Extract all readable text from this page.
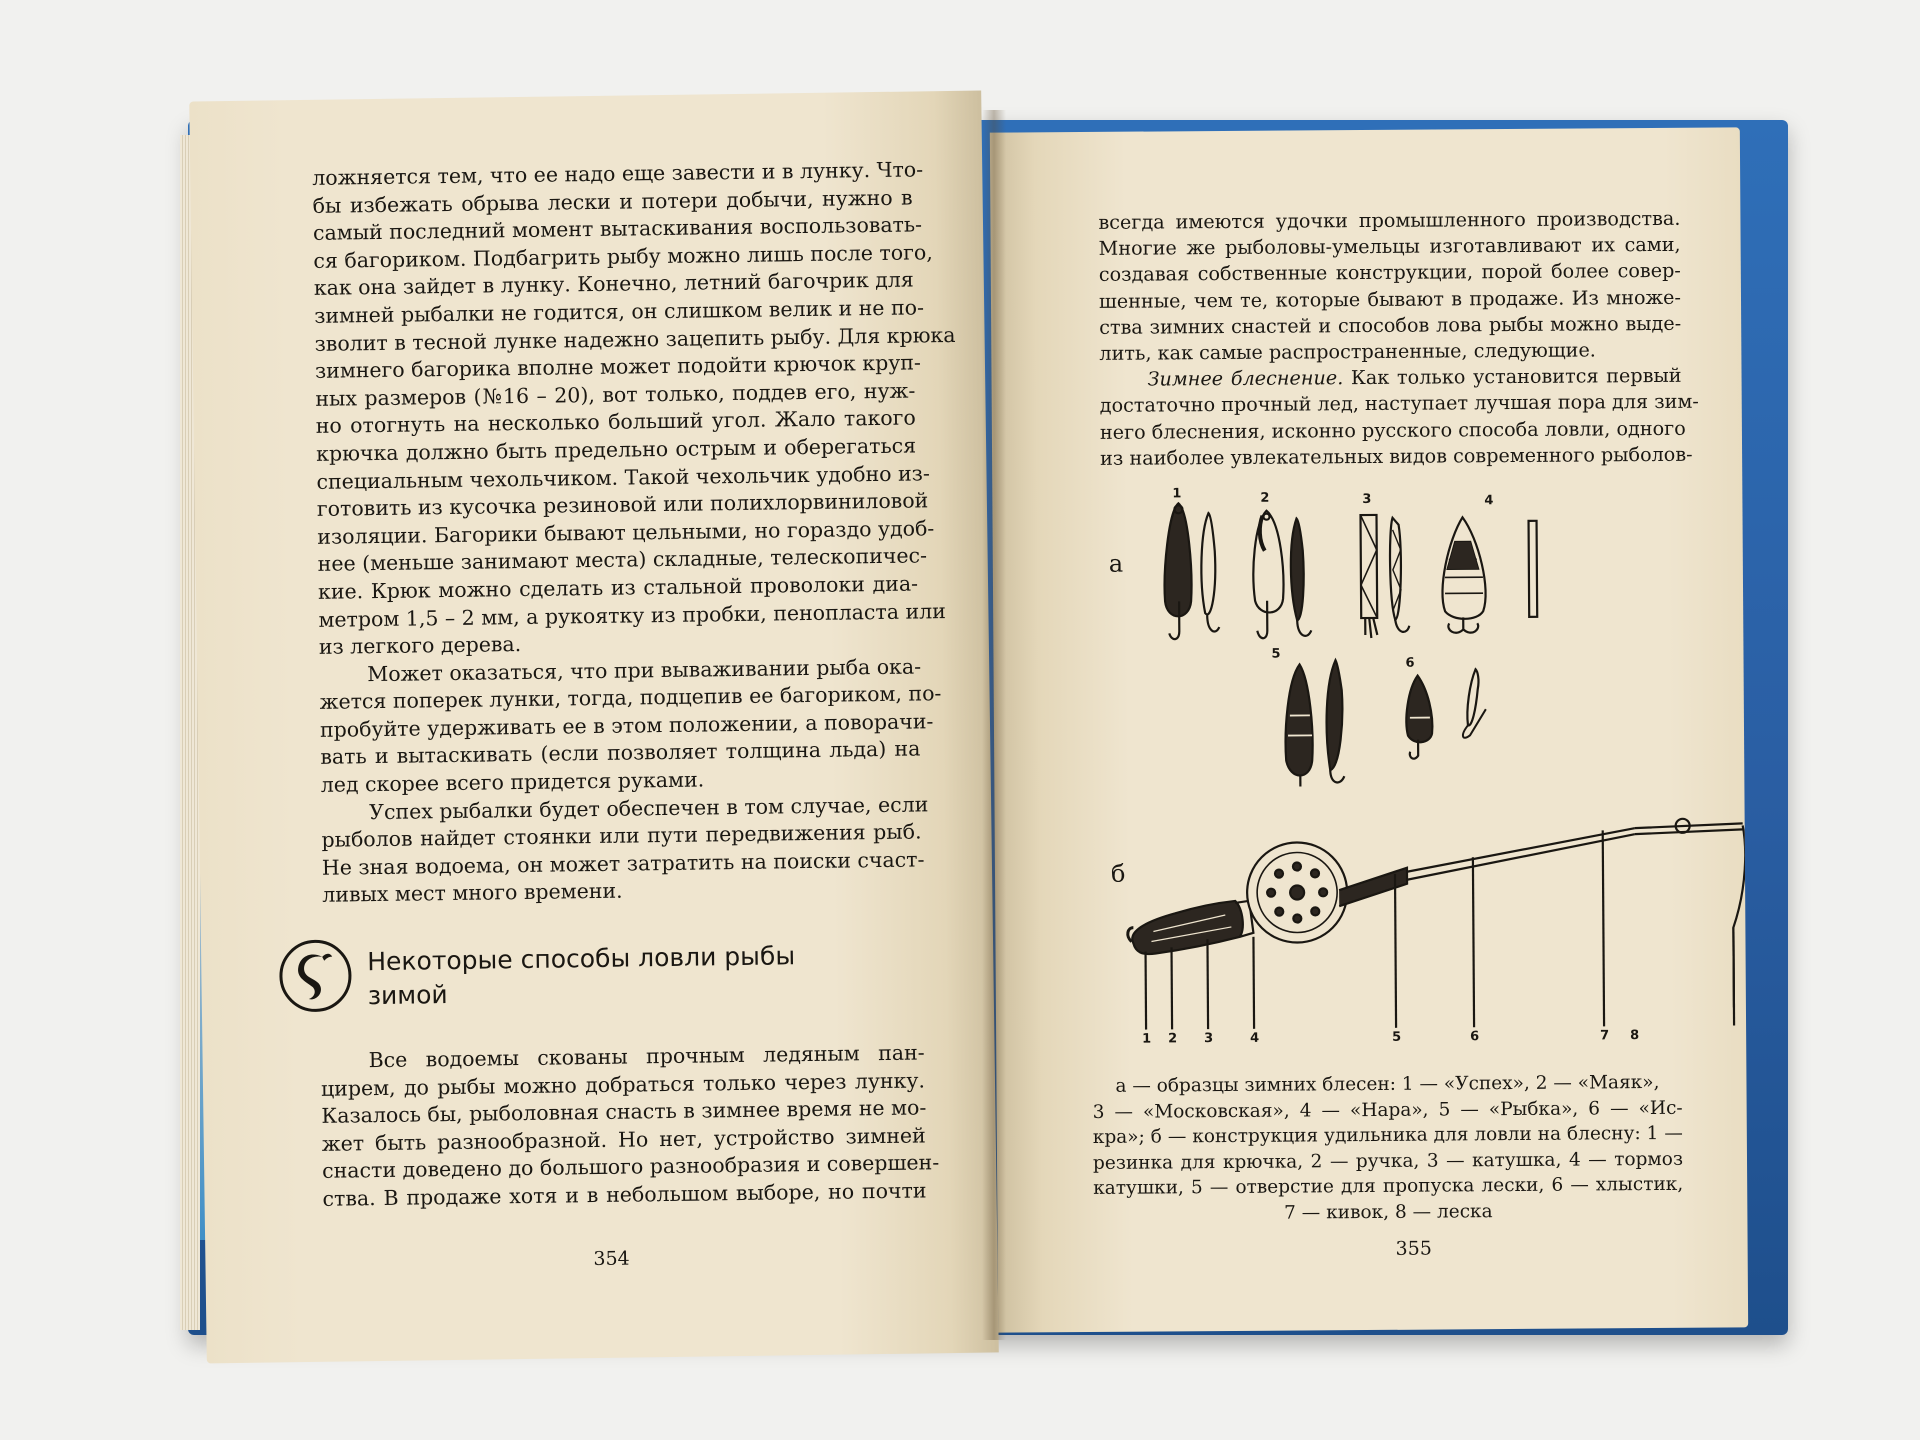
ложняется тем, что ее надо еще завести и в лунку. Что-
бы избежать обрыва лески и потери добычи, нужно в
самый последний момент вытаскивания воспользовать-
ся багориком. Подбагрить рыбу можно лишь после того,
как она зайдет в лунку. Конечно, летний багочрик для
зимней рыбалки не годится, он слишком велик и не по-
зволит в тесной лунке надежно зацепить рыбу. Для крюка
зимнего багорика вполне может подойти крючок круп-
ных размеров (№16 – 20), вот только, поддев его, нуж-
но отогнуть на несколько больший угол. Жало такого
крючка должно быть предельно острым и оберегаться
специальным чехольчиком. Такой чехольчик удобно из-
готовить из кусочка резиновой или полихлорвиниловой
изоляции. Багорики бывают цельными, но гораздо удоб-
нее (меньше занимают места) складные, телескопичес-
кие. Крюк можно сделать из стальной проволоки диа-
метром 1,5 – 2 мм, а рукоятку из пробки, пенопласта или
из легкого дерева.

Может оказаться, что при вываживании рыба ока-
жется поперек лунки, тогда, подцепив ее багориком, по-
пробуйте удерживать ее в этом положении, а поворачи-
вать и вытаскивать (если позволяет толщина льда) на
лед скорее всего придется руками.

Успех рыбалки будет обеспечен в том случае, если
рыболов найдет стоянки или пути передвижения рыб.
Не зная водоема, он может затратить на поиски счаст-
ливых мест много времени.

Некоторые способы ловли рыбы
зимой

Все водоемы скованы прочным ледяным пан-
цирем, до рыбы можно добраться только через лунку.
Казалось бы, рыболовная снасть в зимнее время не мо-
жет быть разнообразной. Но нет, устройство зимней
снасти доведено до большого разнообразия и совершен-
ства. В продаже хотя и в небольшом выборе, но почти

354

всегда имеются удочки промышленного производства.
Многие же рыболовы-умельцы изготавливают их сами,
создавая собственные конструкции, порой более совер-
шенные, чем те, которые бывают в продаже. Из множе-
ства зимних снастей и способов лова рыбы можно выде-
лить, как самые распространенные, следующие.

Зимнее блеснение. Как только установится первый
достаточно прочный лед, наступает лучшая пора для зим-
него блеснения, исконно русского способа ловли, одного
из наиболее увлекательных видов современного рыболов-

а
б
1	2	3	4
5
6
1 2 3	4	5	6	7 8
а — образцы зимних блесен: 1 — «Успех», 2 — «Маяк»,
3 — «Московская», 4 — «Нара», 5 — «Рыбка», 6 — «Ис-
кра»; б — конструкция удильника для ловли на блесну: 1 —
резинка для крючка, 2 — ручка, 3 — катушка, 4 — тормоз
катушки, 5 — отверстие для пропуска лески, 6 — хлыстик,
7 — кивок, 8 — леска
355
